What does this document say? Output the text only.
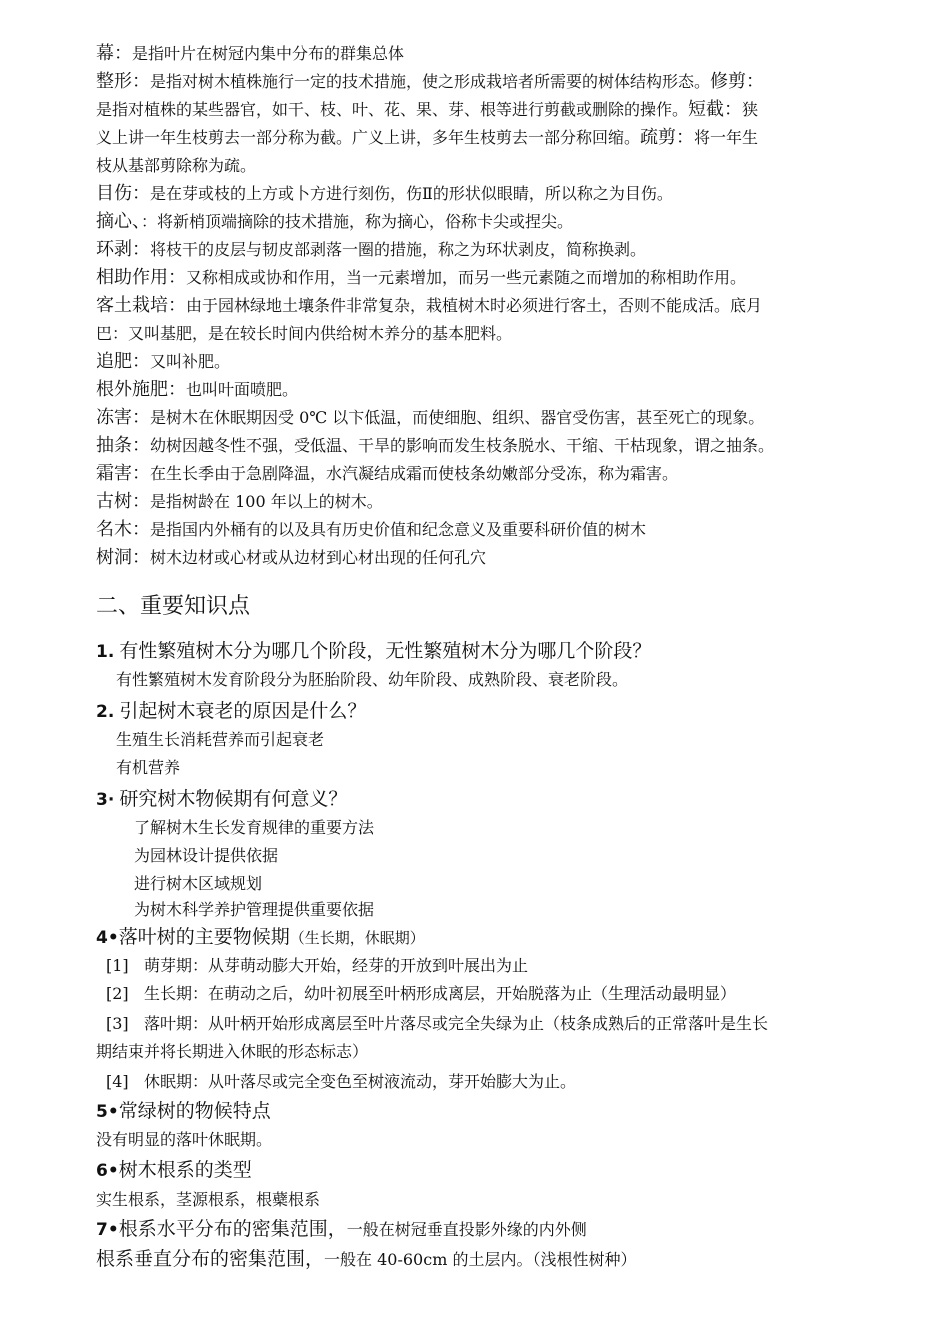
幕：是指叶片在树冠内集中分布的群集总体
整形：是指对树木植株施行一定的技术措施，使之形成栽培者所需要的树体结构形态。修剪：
是指对植株的某些器官，如干、枝、叶、花、果、芽、根等进行剪截或删除的操作。短截：狭
义上讲一年生枝剪去一部分称为截。广义上讲，多年生枝剪去一部分称回缩。疏剪：将一年生
枝从基部剪除称为疏。
目伤：是在芽或枝的上方或卜方进行刻伤，伤Ⅱ的形状似眼睛，所以称之为目伤。
摘心、：将新梢顶端摘除的技术措施，称为摘心，俗称卡尖或捏尖。
环剥：将枝干的皮层与韧皮部剥落一圈的措施，称之为环状剥皮，简称换剥。
相助作用：又称相成或协和作用，当一元素增加，而另一些元素随之而增加的称相助作用。
客土栽培：由于园林绿地土壤条件非常复杂，栽植树木时必须进行客土，否则不能成活。底月
巴：又叫基肥，是在较长时间内供给树木养分的基本肥料。
追肥：又叫补肥。
根外施肥：也叫叶面喷肥。
冻害：是树木在休眠期因受 0℃ 以卞低温，而使细胞、组织、器官受伤害，甚至死亡的现象。
抽条：幼树因越冬性不强，受低温、干旱的影响而发生枝条脱水、干缩、干枯现象，谓之抽条。
霜害：在生长季由于急剧降温，水汽凝结成霜而使枝条幼嫩部分受冻，称为霜害。
古树：是指树龄在 100 年以上的树木。
名木：是指国内外桶有的以及具有历史价值和纪念意义及重要科研价值的树木
树洞：树木边材或心材或从边材到心材出现的任何孔穴
二、重要知识点
1. 有性繁殖树木分为哪几个阶段，无性繁殖树木分为哪几个阶段？
有性繁殖树木发育阶段分为胚胎阶段、幼年阶段、成熟阶段、衰老阶段。
2. 引起树木衰老的原因是什么？
生殖生长消耗营养而引起衰老
有机营养
3· 研究树木物候期有何意义？
了解树木生长发育规律的重要方法
为园林设计提供依据
进行树木区域规划
为树木科学养护管理提供重要依据
4•落叶树的主要物候期（生长期，休眠期）
[1] 萌芽期：从芽萌动膨大开始，经芽的开放到叶展出为止
[2] 生长期：在萌动之后，幼叶初展至叶柄形成离层，开始脱落为止（生理活动最明显）
[3] 落叶期：从叶柄开始形成离层至叶片落尽或完全失绿为止（枝条成熟后的正常落叶是生长
期结束并将长期进入休眠的形态标志）
[4] 休眠期：从叶落尽或完全变色至树液流动，芽开始膨大为止。
5•常绿树的物候特点
没有明显的落叶休眠期。
6•树木根系的类型
实生根系，茎源根系，根蘗根系
7•根系水平分布的密集范围，一般在树冠垂直投影外缘的内外侧
根系垂直分布的密集范围，一般在 40-60cm 的土层内。（浅根性树种）
